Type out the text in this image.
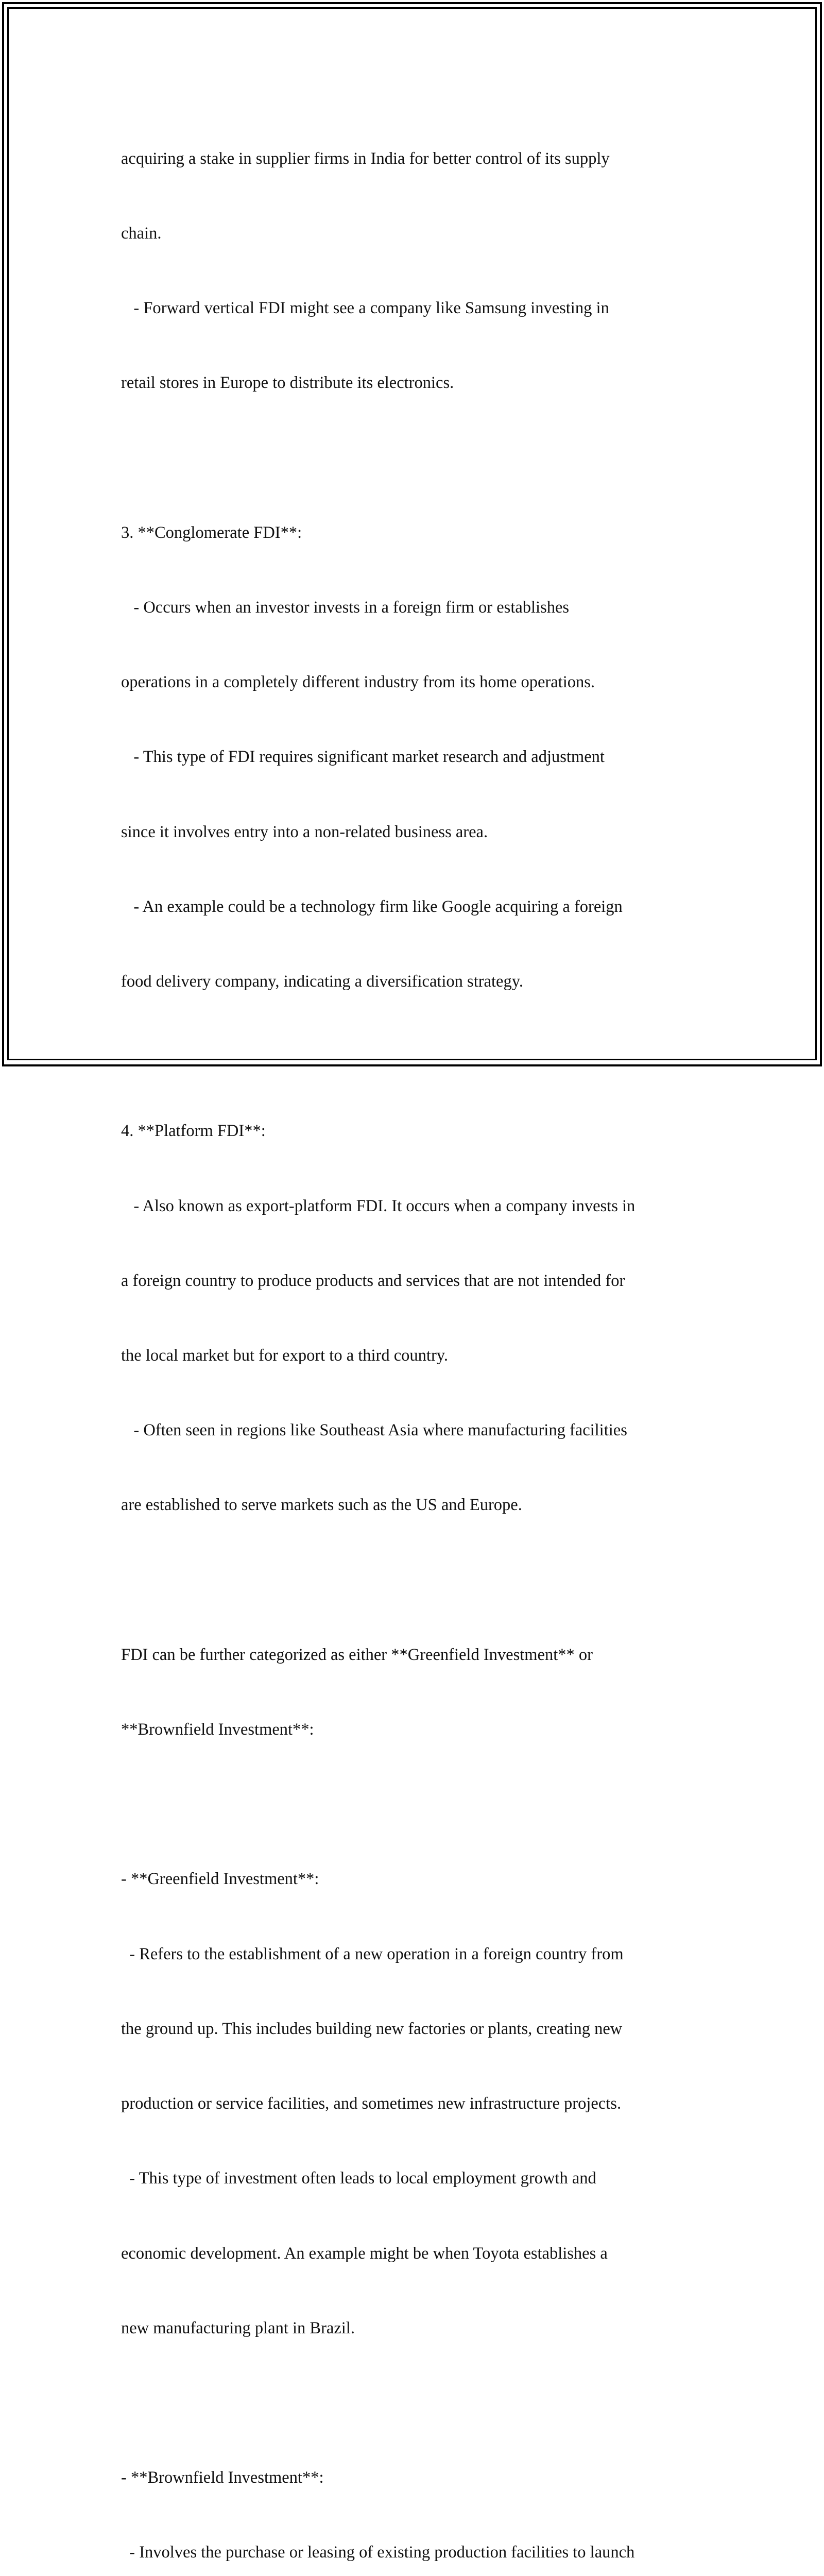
acquiring a stake in supplier firms in India for better control of its supply

chain.

- Forward vertical FDI might see a company like Samsung investing in

retail stores in Europe to distribute its electronics.

3. **Conglomerate FDI**:

- Occurs when an investor invests in a foreign firm or establishes

operations in a completely different industry from its home operations.

- This type of FDI requires significant market research and adjustment

since it involves entry into a non-related business area.

- An example could be a technology firm like Google acquiring a foreign

food delivery company, indicating a diversification strategy.

4. **Platform FDI**:

- Also known as export-platform FDI. It occurs when a company invests in

a foreign country to produce products and services that are not intended for

the local market but for export to a third country.

- Often seen in regions like Southeast Asia where manufacturing facilities

are established to serve markets such as the US and Europe.

FDI can be further categorized as either **Greenfield Investment** or

**Brownfield Investment**:

- **Greenfield Investment**:

- Refers to the establishment of a new operation in a foreign country from

the ground up. This includes building new factories or plants, creating new

production or service facilities, and sometimes new infrastructure projects.

- This type of investment often leads to local employment growth and

economic development. An example might be when Toyota establishes a

new manufacturing plant in Brazil.

- **Brownfield Investment**:

- Involves the purchase or leasing of existing production facilities to launch
